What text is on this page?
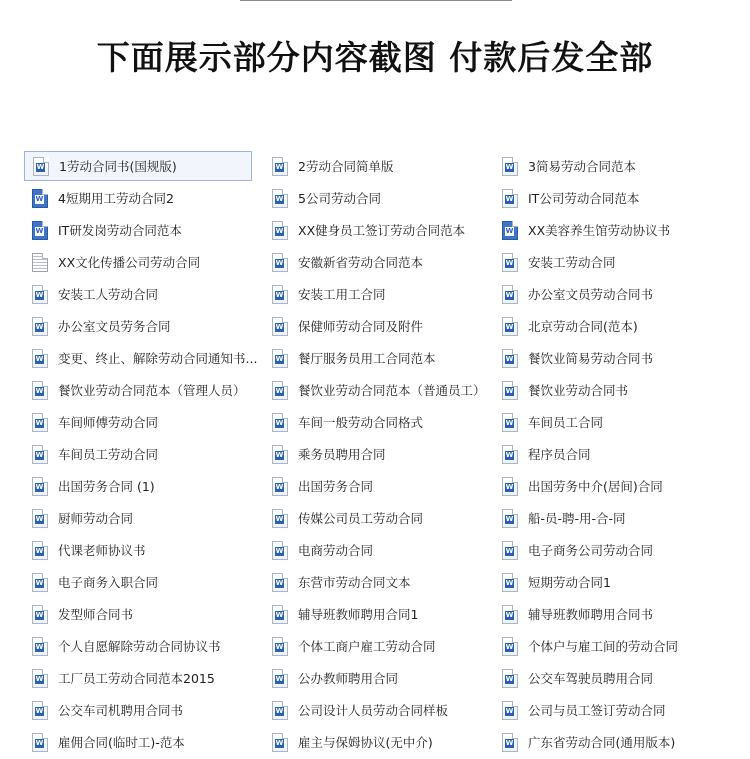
下面展示部分内容截图 付款后发全部
W 1劳动合同书(国规版)	W 2劳动合同简单版	W 3简易劳动合同范本
W 4短期用工劳动合同2	W 5公司劳动合同	W IT公司劳动合同范本
W IT研发岗劳动合同范本	W XX健身员工签订劳动合同范本	W XX美容养生馆劳动协议书
XX文化传播公司劳动合同	W 安徽新省劳动合同范本	W 安装工劳动合同
W 安装工人劳动合同	W 安装工用工合同	W 办公室文员劳动合同书
W 办公室文员劳务合同	W 保健师劳动合同及附件	W 北京劳动合同(范本)
W 变更、终止、解除劳动合同通知书...	W 餐厅服务员用工合同范本	W 餐饮业简易劳动合同书
W 餐饮业劳动合同范本（管理人员）	W 餐饮业劳动合同范本（普通员工）	W 餐饮业劳动合同书
W 车间师傅劳动合同	W 车间一般劳动合同格式	W 车间员工合同
W 车间员工劳动合同	W 乘务员聘用合同	W 程序员合同
W 出国劳务合同 (1)	W 出国劳务合同	W 出国劳务中介(居间)合同
W 厨师劳动合同	W 传媒公司员工劳动合同	W 船-员-聘-用-合-同
W 代课老师协议书	W 电商劳动合同	W 电子商务公司劳动合同
W 电子商务入职合同	W 东营市劳动合同文本	W 短期劳动合同1
W 发型师合同书	W 辅导班教师聘用合同1	W 辅导班教师聘用合同书
W 个人自愿解除劳动合同协议书	W 个体工商户雇工劳动合同	W 个体户与雇工间的劳动合同
W 工厂员工劳动合同范本2015	W 公办教师聘用合同	W 公交车驾驶员聘用合同
W 公交车司机聘用合同书	W 公司设计人员劳动合同样板	W 公司与员工签订劳动合同
W 雇佣合同(临时工)-范本	W 雇主与保姆协议(无中介)	W 广东省劳动合同(通用版本)
